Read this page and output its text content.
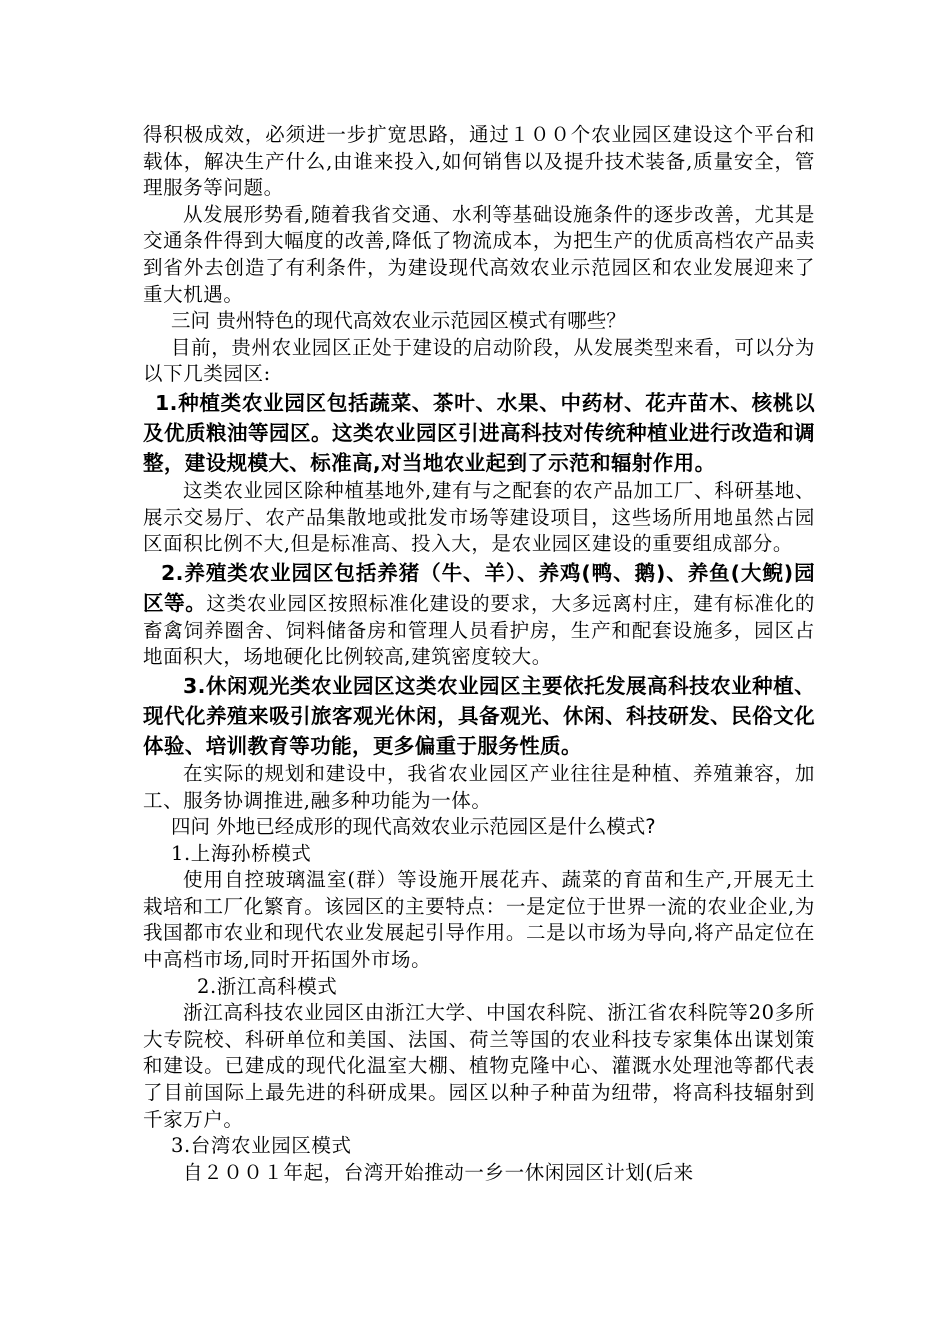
得积极成效，必须进一步扩宽思路，通过１００个农业园区建设这个平台和载体，解决生产什么,由谁来投入,如何销售以及提升技术装备,质量安全，管理服务等问题。

从发展形势看,随着我省交通、水利等基础设施条件的逐步改善，尤其是交通条件得到大幅度的改善,降低了物流成本，为把生产的优质高档农产品卖到省外去创造了有利条件，为建设现代高效农业示范园区和农业发展迎来了重大机遇。

三问 贵州特色的现代高效农业示范园区模式有哪些？

目前，贵州农业园区正处于建设的启动阶段，从发展类型来看，可以分为以下几类园区:

1.种植类农业园区包括蔬菜、茶叶、水果、中药材、花卉苗木、核桃以及优质粮油等园区。这类农业园区引进高科技对传统种植业进行改造和调整，建设规模大、标准高,对当地农业起到了示范和辐射作用。

这类农业园区除种植基地外,建有与之配套的农产品加工厂、科研基地、展示交易厅、农产品集散地或批发市场等建设项目，这些场所用地虽然占园区面积比例不大,但是标准高、投入大，是农业园区建设的重要组成部分。

2.养殖类农业园区包括养猪（牛、羊）、养鸡(鸭、鹅)、养鱼(大鲵)园区等。这类农业园区按照标准化建设的要求，大多远离村庄，建有标准化的畜禽饲养圈舍、饲料储备房和管理人员看护房，生产和配套设施多，园区占地面积大，场地硬化比例较高,建筑密度较大。

3.休闲观光类农业园区这类农业园区主要依托发展高科技农业种植、现代化养殖来吸引旅客观光休闲，具备观光、休闲、科技研发、民俗文化体验、培训教育等功能，更多偏重于服务性质。

在实际的规划和建设中，我省农业园区产业往往是种植、养殖兼容，加工、服务协调推进,融多种功能为一体。

四问 外地已经成形的现代高效农业示范园区是什么模式?

1.上海孙桥模式

使用自控玻璃温室(群）等设施开展花卉、蔬菜的育苗和生产,开展无土栽培和工厂化繁育。该园区的主要特点：一是定位于世界一流的农业企业,为我国都市农业和现代农业发展起引导作用。二是以市场为导向,将产品定位在中高档市场,同时开拓国外市场。

2.浙江高科模式

浙江高科技农业园区由浙江大学、中国农科院、浙江省农科院等20多所大专院校、科研单位和美国、法国、荷兰等国的农业科技专家集体出谋划策和建设。已建成的现代化温室大棚、植物克隆中心、灌溉水处理池等都代表了目前国际上最先进的科研成果。园区以种子种苗为纽带，将高科技辐射到千家万户。

3.台湾农业园区模式

自２００１年起，台湾开始推动一乡一休闲园区计划(后来
